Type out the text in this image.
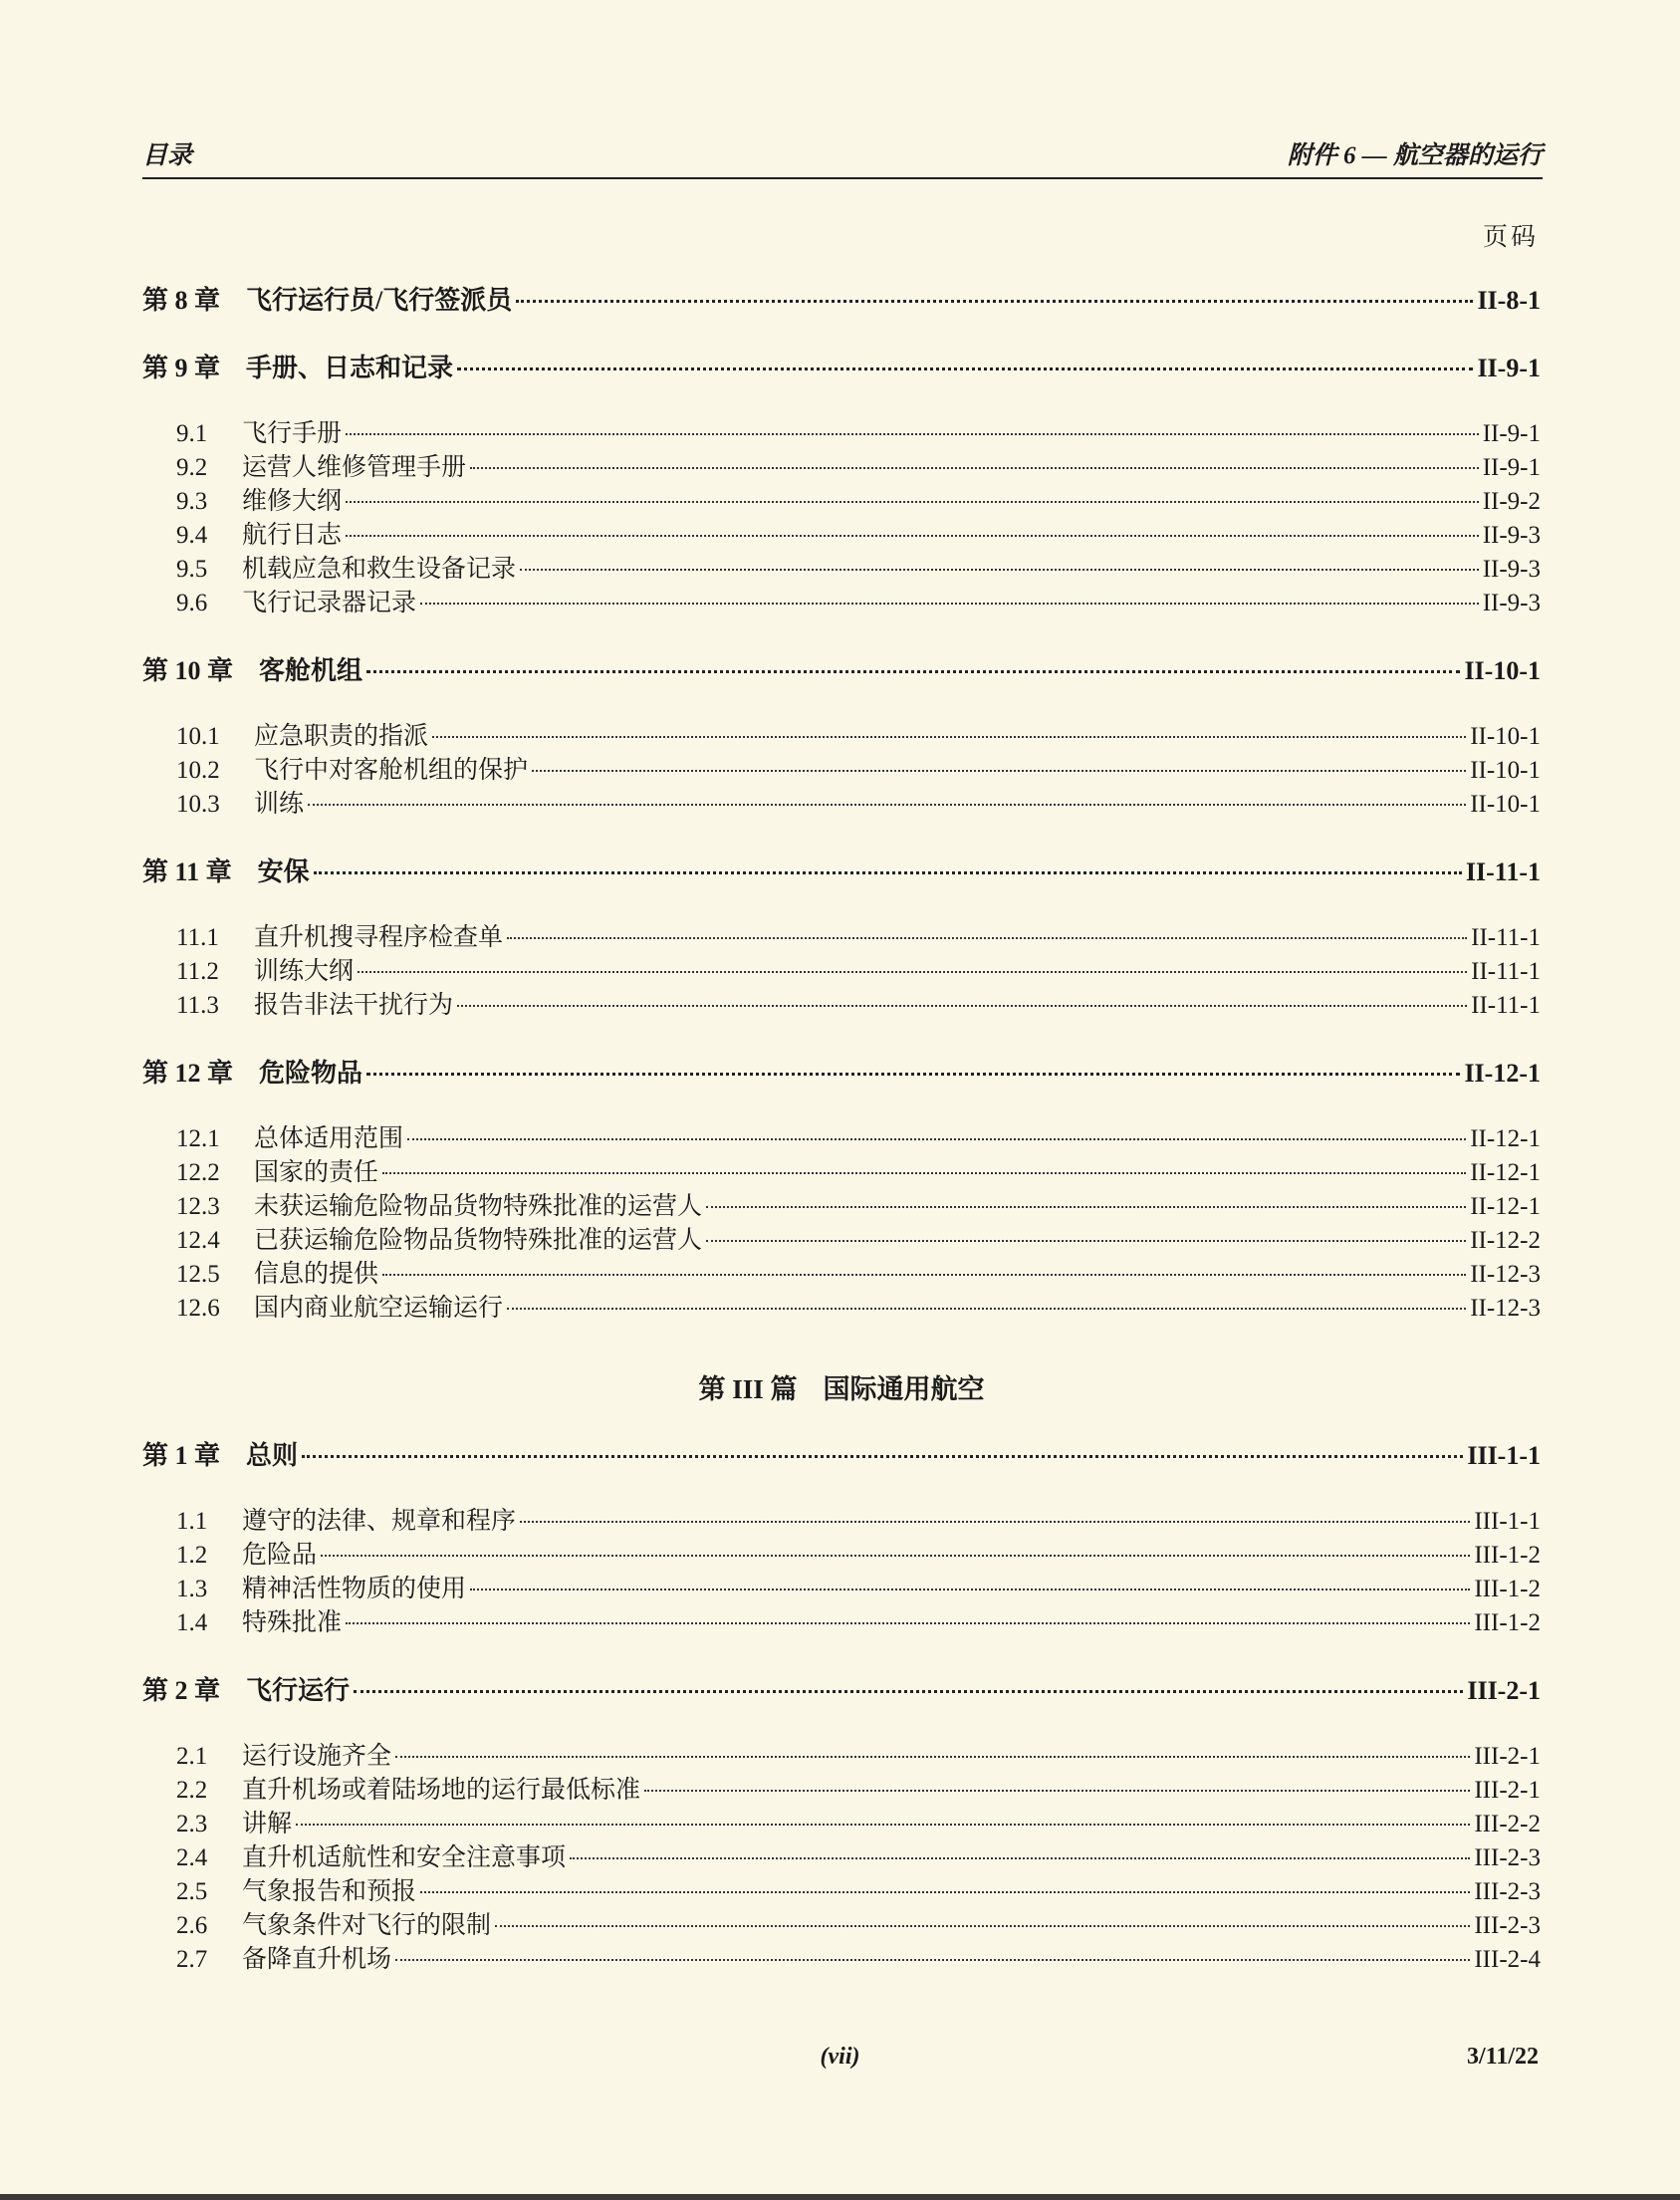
目录	附件 6 — 航空器的运行
页码
第 8 章 飞行运行员/飞行签派员	II-8-1
第 9 章 手册、日志和记录	II-9-1
9.1	飞行手册	II-9-1
9.2	运营人维修管理手册	II-9-1
9.3	维修大纲	II-9-2
9.4	航行日志	II-9-3
9.5	机载应急和救生设备记录	II-9-3
9.6	飞行记录器记录	II-9-3
第 10 章 客舱机组	II-10-1
10.1	应急职责的指派	II-10-1
10.2	飞行中对客舱机组的保护	II-10-1
10.3	训练	II-10-1
第 11 章 安保	II-11-1
11.1	直升机搜寻程序检查单	II-11-1
11.2	训练大纲	II-11-1
11.3	报告非法干扰行为	II-11-1
第 12 章 危险物品	II-12-1
12.1	总体适用范围	II-12-1
12.2	国家的责任	II-12-1
12.3	未获运输危险物品货物特殊批准的运营人	II-12-1
12.4	已获运输危险物品货物特殊批准的运营人	II-12-2
12.5	信息的提供	II-12-3
12.6	国内商业航空运输运行	II-12-3
第 III 篇 国际通用航空
第 1 章 总则	III-1-1
1.1	遵守的法律、规章和程序	III-1-1
1.2	危险品	III-1-2
1.3	精神活性物质的使用	III-1-2
1.4	特殊批准	III-1-2
第 2 章 飞行运行	III-2-1
2.1	运行设施齐全	III-2-1
2.2	直升机场或着陆场地的运行最低标准	III-2-1
2.3	讲解	III-2-2
2.4	直升机适航性和安全注意事项	III-2-3
2.5	气象报告和预报	III-2-3
2.6	气象条件对飞行的限制	III-2-3
2.7	备降直升机场	III-2-4
(vii)	3/11/22
